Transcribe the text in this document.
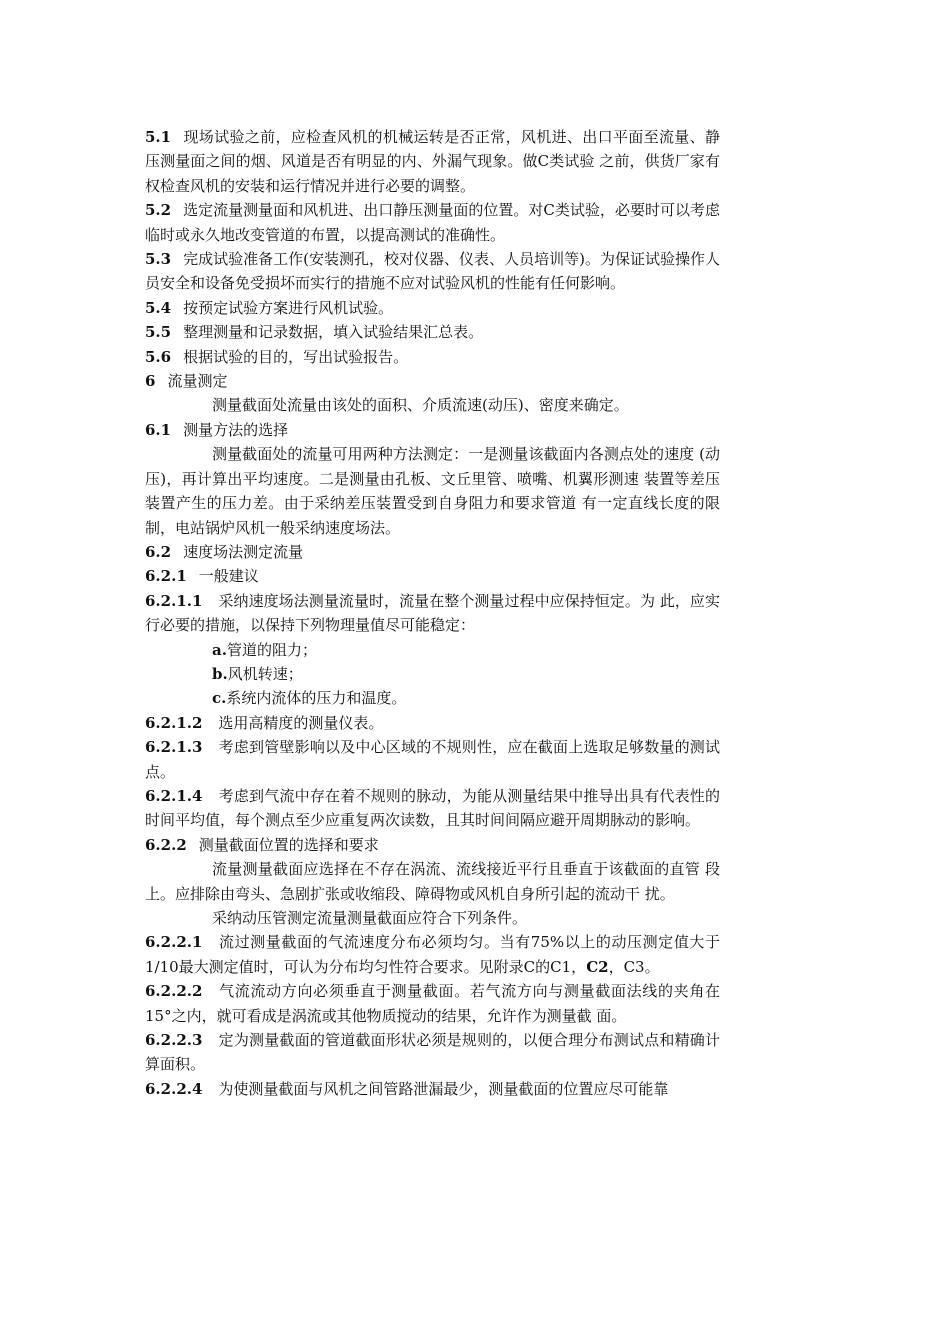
5.1 现场试验之前，应检查风机的机械运转是否正常，风机进、出口平面至流量、静压测量面之间的烟、风道是否有明显的内、外漏气现象。做C类试验 之前，供货厂家有权检查风机的安装和运行情况并进行必要的调整。

5.2 选定流量测量面和风机进、出口静压测量面的位置。对C类试验，必要时可以考虑临时或永久地改变管道的布置，以提高测试的准确性。

5.3 完成试验准备工作(安装测孔，校对仪器、仪表、人员培训等)。为保证试验操作人员安全和设备免受损坏而实行的措施不应对试验风机的性能有任何影响。

5.4 按预定试验方案进行风机试验。

5.5 整理测量和记录数据，填入试验结果汇总表。

5.6 根据试验的目的，写出试验报告。

6 流量测定

测量截面处流量由该处的面积、介质流速(动压)、密度来确定。

6.1 测量方法的选择

测量截面处的流量可用两种方法测定：一是测量该截面内各测点处的速度 (动压)，再计算出平均速度。二是测量由孔板、文丘里管、喷嘴、机翼形测速 装置等差压装置产生的压力差。由于采纳差压装置受到自身阻力和要求管道 有一定直线长度的限制，电站锅炉风机一般采纳速度场法。

6.2 速度场法测定流量

6.2.1 一般建议

6.2.1.1 采纳速度场法测量流量时，流量在整个测量过程中应保持恒定。为 此，应实行必要的措施，以保持下列物理量值尽可能稳定：

a.管道的阻力；

b.风机转速；

c.系统内流体的压力和温度。

6.2.1.2 选用高精度的测量仪表。

6.2.1.3 考虑到管壁影响以及中心区域的不规则性，应在截面上选取足够数量的测试点。

6.2.1.4 考虑到气流中存在着不规则的脉动，为能从测量结果中推导出具有代表性的时间平均值，每个测点至少应重复两次读数，且其时间间隔应避开周期脉动的影响。

6.2.2 测量截面位置的选择和要求

流量测量截面应选择在不存在涡流、流线接近平行且垂直于该截面的直管 段上。应排除由弯头、急剧扩张或收缩段、障碍物或风机自身所引起的流动干 扰。

采纳动压管测定流量测量截面应符合下列条件。

6.2.2.1 流过测量截面的气流速度分布必须均匀。当有75%以上的动压测定值大于1/10最大测定值时，可认为分布均匀性符合要求。见附录C的C1，C2，C3。

6.2.2.2 气流流动方向必须垂直于测量截面。若气流方向与测量截面法线的夹角在15°之内，就可看成是涡流或其他物质搅动的结果，允许作为测量截 面。

6.2.2.3 定为测量截面的管道截面形状必须是规则的，以便合理分布测试点和精确计算面积。

6.2.2.4 为使测量截面与风机之间管路泄漏最少，测量截面的位置应尽可能靠
